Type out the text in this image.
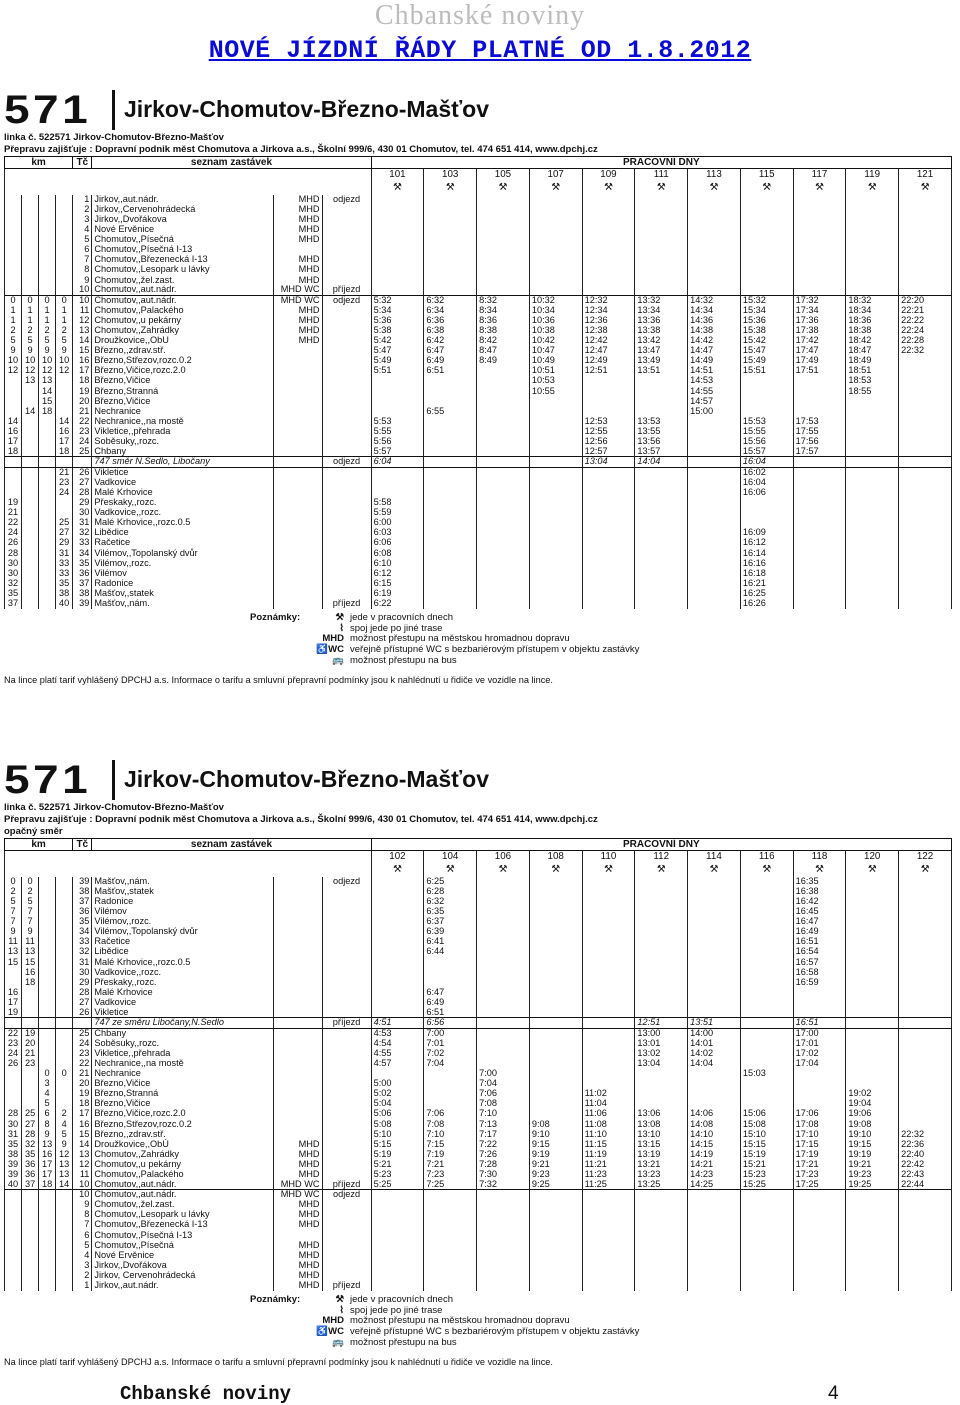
Chbanské noviny
NOVÉ JÍZDNÍ ŘÁDY PLATNÉ OD 1.8.2012
571 Jirkov-Chomutov-Březno-Mašťov
linka č. 522571 Jirkov-Chomutov-Březno-Mašťov
Přepravu zajišťuje : Dopravní podnik měst Chomutova a Jirkova a.s., Školní 999/6, 430 01 Chomutov, tel. 474 651 414, www.dpchj.cz
km				Tč	seznam zastávek			PRACOVNÍ DNY										
								101	103	105	107	109	111	113	115	117	119	121
								⚒	⚒	⚒	⚒	⚒	⚒	⚒	⚒	⚒	⚒	⚒
				1	Jirkov,,aut.nádr.	MHD	odjezd											
				2	Jirkov,,Červenohrádecká	MHD												
				3	Jirkov,,Dvořákova	MHD												
				4	Nové Ervěnice	MHD												
				5	Chomutov,,Písečná	MHD												
				6	Chomutov,,Písečná I-13													
				7	Chomutov,,Březenecká I-13	MHD												
				8	Chomutov,,Lesopark u lávky	MHD												
				9	Chomutov,,žel.zast.	MHD												
				10	Chomutov,,aut.nádr.	MHD WC	příjezd											
0	0	0	0	10	Chomutov,,aut.nádr.	MHD WC	odjezd	5:32	6:32	8:32	10:32	12:32	13:32	14:32	15:32	17:32	18:32	22:20
1	1	1	1	11	Chomutov,,Palackého	MHD		5:34	6:34	8:34	10:34	12:34	13:34	14:34	15:34	17:34	18:34	22:21
1	1	1	1	12	Chomutov,,u pekárny	MHD		5:36	6:36	8:36	10:36	12:36	13:36	14:36	15:36	17:36	18:36	22:22
2	2	2	2	13	Chomutov,,Zahrádky	MHD		5:38	6:38	8:38	10:38	12:38	13:38	14:38	15:38	17:38	18:38	22:24
5	5	5	5	14	Droužkovice,,ObÚ	MHD		5:42	6:42	8:42	10:42	12:42	13:42	14:42	15:42	17:42	18:42	22:28
9	9	9	9	15	Březno,,zdrav.stř.			5:47	6:47	8:47	10:47	12:47	13:47	14:47	15:47	17:47	18:47	22:32
10	10	10	10	16	Březno,Střezov,rozc.0.2			5:49	6:49	8:49	10:49	12:49	13:49	14:49	15:49	17:49	18:49	
12	12	12	12	17	Březno,Vičice,rozc.2.0			5:51	6:51		10:51	12:51	13:51	14:51	15:51	17:51	18:51	
	13	13		18	Březno,Vičice						10:53			14:53			18:53	
		14		19	Březno,Stranná						10:55			14:55			18:55	
		15		20	Březno,Vičice									14:57				
	14	18		21	Nechranice				6:55					15:00				
14			14	22	Nechranice,,na mostě			5:53				12:53	13:53		15:53	17:53		
16			16	23	Vikletice,,přehrada			5:55				12:55	13:55		15:55	17:55		
17			17	24	Soběsuky,,rozc.			5:56				12:56	13:56		15:56	17:56		
18			18	25	Chbany			5:57				12:57	13:57		15:57	17:57		
					747 směr N.Sedlo, Libočany		odjezd	6:04				13:04	14:04		16:04			
			21	26	Vikletice										16:02			
			23	27	Vadkovice										16:04			
			24	28	Malé Krhovice										16:06			
19				29	Přeskaky,,rozc.			5:58										
21				30	Vadkovice,,rozc.			5:59										
22			25	31	Malé Krhovice,,rozc.0.5			6:00										
24			27	32	Libědice			6:03							16:09			
26			29	33	Račetice			6:06							16:12			
28			31	34	Vilémov,,Topolanský dvůr			6:08							16:14			
30			33	35	Vilémov,,rozc.			6:10							16:16			
30			33	36	Vilémov			6:12							16:18			
32			35	37	Radonice			6:15							16:21			
35			38	38	Mašťov,,statek			6:19							16:25			
37			40	39	Mašťov,,nám.		příjezd	6:22							16:26			
Poznámky:	⚒ jede v pracovních dnech
⌇ spoj jede po jiné trase
MHD možnost přestupu na městskou hromadnou dopravu
♿WC veřejně přístupné WC s bezbariérovým přístupem v objektu zastávky
🚌 možnost přestupu na bus
Na lince platí tarif vyhlášený DPCHJ a.s. Informace o tarifu a smluvní přepravní podmínky jsou k nahlédnutí u řidiče ve vozidle na lince.
571 Jirkov-Chomutov-Březno-Mašťov
linka č. 522571 Jirkov-Chomutov-Březno-Mašťov
Přepravu zajišťuje : Dopravní podnik měst Chomutova a Jirkova a.s., Školní 999/6, 430 01 Chomutov, tel. 474 651 414, www.dpchj.cz
opačný směr
km				Tč	seznam zastávek			PRACOVNÍ DNY										
								102	104	106	108	110	112	114	116	118	120	122
								⚒	⚒	⚒	⚒	⚒	⚒	⚒	⚒	⚒	⚒	⚒
0	0			39	Mašťov,,nám.		odjezd		6:25							16:35		
2	2			38	Mašťov,,statek				6:28							16:38		
5	5			37	Radonice				6:32							16:42		
7	7			36	Vilémov				6:35							16:45		
7	7			35	Vilémov,,rozc.				6:37							16:47		
9	9			34	Vilémov,,Topolanský dvůr				6:39							16:49		
11	11			33	Račetice				6:41							16:51		
13	13			32	Libědice				6:44							16:54		
15	15			31	Malé Krhovice,,rozc.0.5											16:57		
	16			30	Vadkovice,,rozc.											16:58		
	18			29	Přeskaky,,rozc.											16:59		
16				28	Malé Krhovice				6:47									
17				27	Vadkovice				6:49									
19				26	Vikletice				6:51									
					747 ze směru Libočany,N.Sedlo		příjezd	4:51	6:56				12:51	13:51		16:51		
22	19			25	Chbany			4:53	7:00				13:00	14:00		17:00		
23	20			24	Soběsuky,,rozc.			4:54	7:01				13:01	14:01		17:01		
24	21			23	Vikletice,,přehrada			4:55	7:02				13:02	14:02		17:02		
26	23			22	Nechranice,,na mostě			4:57	7:04				13:04	14:04		17:04		
		0	0	21	Nechranice					7:00					15:03			
		3		20	Březno,Vičice			5:00		7:04								
		4		19	Březno,Stranná			5:02		7:06		11:02					19:02	
		5		18	Březno,Vičice			5:04		7:08		11:04					19:04	
28	25	6	2	17	Březno,Vičice,rozc.2.0			5:06	7:06	7:10		11:06	13:06	14:06	15:06	17:06	19:06	
30	27	8	4	16	Březno,Střezov,rozc.0.2			5:08	7:08	7:13	9:08	11:08	13:08	14:08	15:08	17:08	19:08	
31	28	9	5	15	Březno,,zdrav.stř.			5:10	7:10	7:17	9:10	11:10	13:10	14:10	15:10	17:10	19:10	22:32
35	32	13	9	14	Droužkovice,,ObÚ	MHD		5:15	7:15	7:22	9:15	11:15	13:15	14:15	15:15	17:15	19:15	22:36
38	35	16	12	13	Chomutov,,Zahrádky	MHD		5:19	7:19	7:26	9:19	11:19	13:19	14:19	15:19	17:19	19:19	22:40
39	36	17	13	12	Chomutov,,u pekárny	MHD		5:21	7:21	7:28	9:21	11:21	13:21	14:21	15:21	17:21	19:21	22:42
39	36	17	13	11	Chomutov,,Palackého	MHD		5:23	7:23	7:30	9:23	11:23	13:23	14:23	15:23	17:23	19:23	22:43
40	37	18	14	10	Chomutov,,aut.nádr.	MHD WC	příjezd	5:25	7:25	7:32	9:25	11:25	13:25	14:25	15:25	17:25	19:25	22:44
				10	Chomutov,,aut.nádr.	MHD WC	odjezd											
				9	Chomutov,,žel.zast.	MHD												
				8	Chomutov,,Lesopark u lávky	MHD												
				7	Chomutov,,Březenecká I-13	MHD												
				6	Chomutov,,Písečná I-13													
				5	Chomutov,,Písečná	MHD												
				4	Nové Ervěnice	MHD												
				3	Jirkov,,Dvořákova	MHD												
				2	Jirkov, Červenohrádecká	MHD												
				1	Jirkov,,aut.nádr.	MHD	příjezd											
Poznámky:	⚒ jede v pracovních dnech
⌇ spoj jede po jiné trase
MHD možnost přestupu na městskou hromadnou dopravu
♿WC veřejně přístupné WC s bezbariérovým přístupem v objektu zastávky
🚌 možnost přestupu na bus
Na lince platí tarif vyhlášený DPCHJ a.s. Informace o tarifu a smluvní přepravní podmínky jsou k nahlédnutí u řidiče ve vozidle na lince.
Chbanské noviny	4
